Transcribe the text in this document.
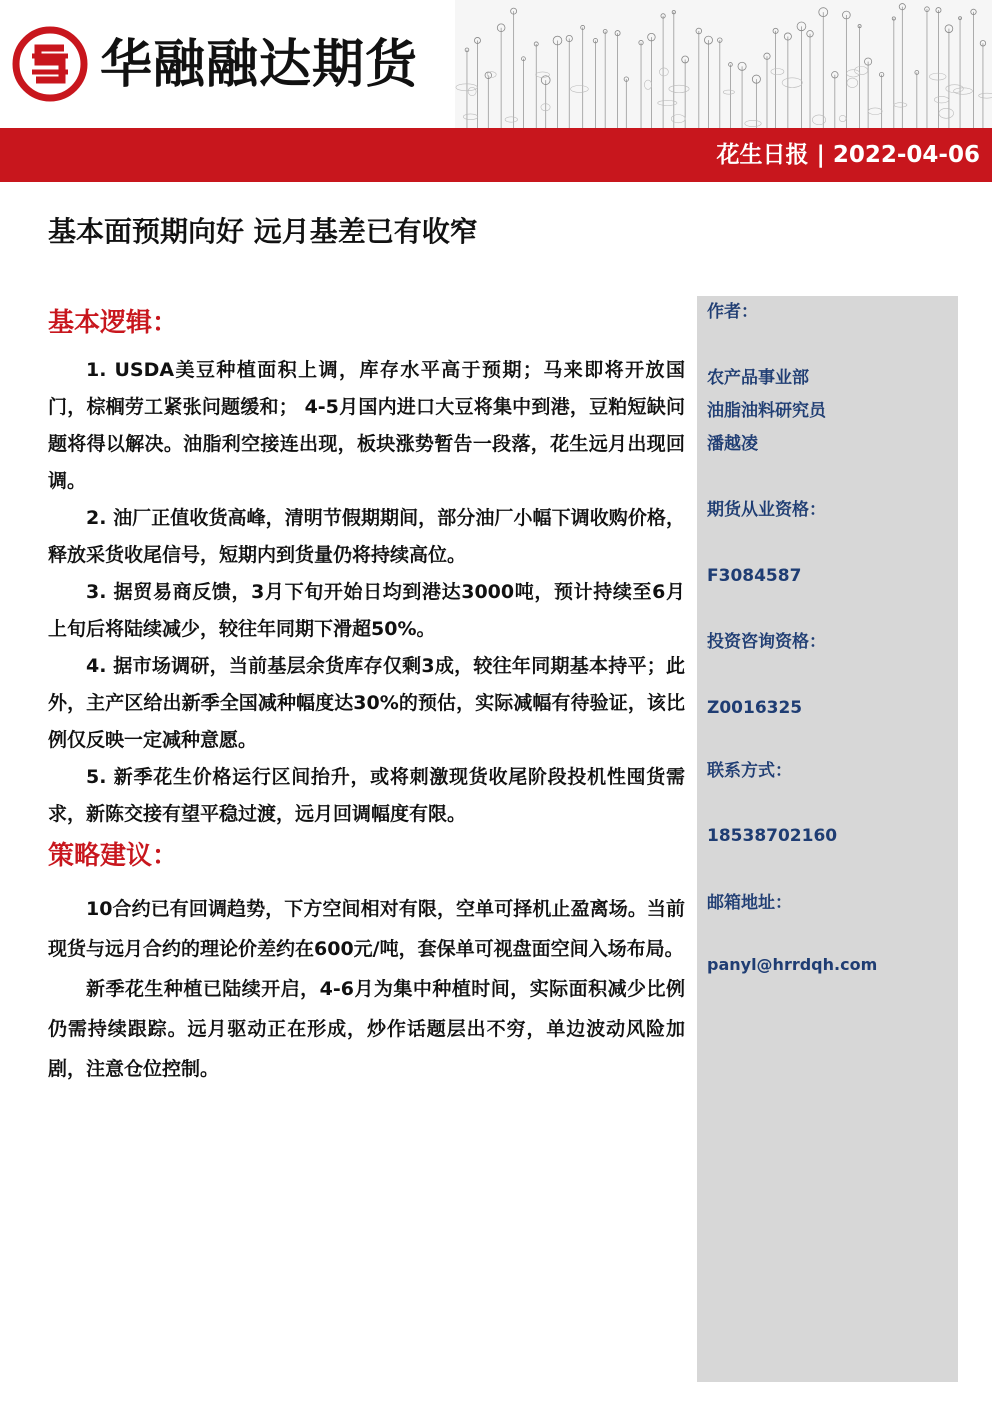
华融融达期货
花生日报 | 2022-04-06
基本面预期向好 远月基差已有收窄
基本逻辑：

1. USDA美豆种植面积上调，库存水平高于预期；马来即将开放国门，棕榈劳工紧张问题缓和； 4-5月国内进口大豆将集中到港，豆粕短缺问题将得以解决。油脂利空接连出现，板块涨势暂告一段落，花生远月出现回调。

2. 油厂正值收货高峰，清明节假期期间，部分油厂小幅下调收购价格，释放采货收尾信号，短期内到货量仍将持续高位。

3. 据贸易商反馈，3月下旬开始日均到港达3000吨，预计持续至6月上旬后将陆续减少，较往年同期下滑超50%。

4. 据市场调研，当前基层余货库存仅剩3成，较往年同期基本持平；此外，主产区给出新季全国减种幅度达30%的预估，实际减幅有待验证，该比例仅反映一定减种意愿。

5. 新季花生价格运行区间抬升，或将刺激现货收尾阶段投机性囤货需求，新陈交接有望平稳过渡，远月回调幅度有限。

策略建议：

10合约已有回调趋势，下方空间相对有限，空单可择机止盈离场。当前现货与远月合约的理论价差约在600元/吨，套保单可视盘面空间入场布局。

新季花生种植已陆续开启，4-6月为集中种植时间，实际面积减少比例仍需持续跟踪。远月驱动正在形成，炒作话题层出不穷，单边波动风险加剧，注意仓位控制。

作者：
农产品事业部
油脂油料研究员
潘越凌
期货从业资格：
F3084587
投资咨询资格：
Z0016325
联系方式：
18538702160
邮箱地址：
panyl@hrrdqh.com
